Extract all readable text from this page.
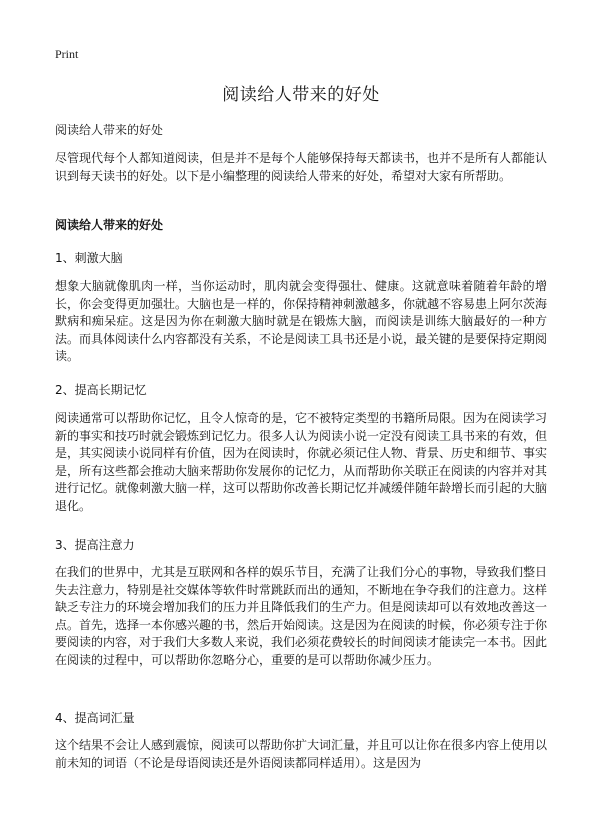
Print
阅读给人带来的好处

阅读给人带来的好处

尽管现代每个人都知道阅读，但是并不是每个人能够保持每天都读书，也并不是所有人都能认识到每天读书的好处。以下是小编整理的阅读给人带来的好处，希望对大家有所帮助。

阅读给人带来的好处

1、刺激大脑

想象大脑就像肌肉一样，当你运动时，肌肉就会变得强壮、健康。这就意味着随着年龄的增长，你会变得更加强壮。大脑也是一样的，你保持精神刺激越多，你就越不容易患上阿尔茨海默病和痴呆症。这是因为你在刺激大脑时就是在锻炼大脑，而阅读是训练大脑最好的一种方法。而具体阅读什么内容都没有关系，不论是阅读工具书还是小说，最关键的是要保持定期阅读。

2、提高长期记忆

阅读通常可以帮助你记忆，且令人惊奇的是，它不被特定类型的书籍所局限。因为在阅读学习新的事实和技巧时就会锻炼到记忆力。很多人认为阅读小说一定没有阅读工具书来的有效，但是，其实阅读小说同样有价值，因为在阅读时，你就必须记住人物、背景、历史和细节、事实是，所有这些都会推动大脑来帮助你发展你的记忆力，从而帮助你关联正在阅读的内容并对其进行记忆。就像刺激大脑一样，这可以帮助你改善长期记忆并减缓伴随年龄增长而引起的大脑退化。

3、提高注意力

在我们的世界中，尤其是互联网和各样的娱乐节目，充满了让我们分心的事物，导致我们整日失去注意力，特别是社交媒体等软件时常跳跃而出的通知，不断地在争夺我们的注意力。这样缺乏专注力的环境会增加我们的压力并且降低我们的生产力。但是阅读却可以有效地改善这一点。首先，选择一本你感兴趣的书，然后开始阅读。这是因为在阅读的时候，你必须专注于你要阅读的内容，对于我们大多数人来说，我们必须花费较长的时间阅读才能读完一本书。因此在阅读的过程中，可以帮助你忽略分心，重要的是可以帮助你减少压力。

4、提高词汇量

这个结果不会让人感到震惊，阅读可以帮助你扩大词汇量，并且可以让你在很多内容上使用以前未知的词语（不论是母语阅读还是外语阅读都同样适用）。这是因为
